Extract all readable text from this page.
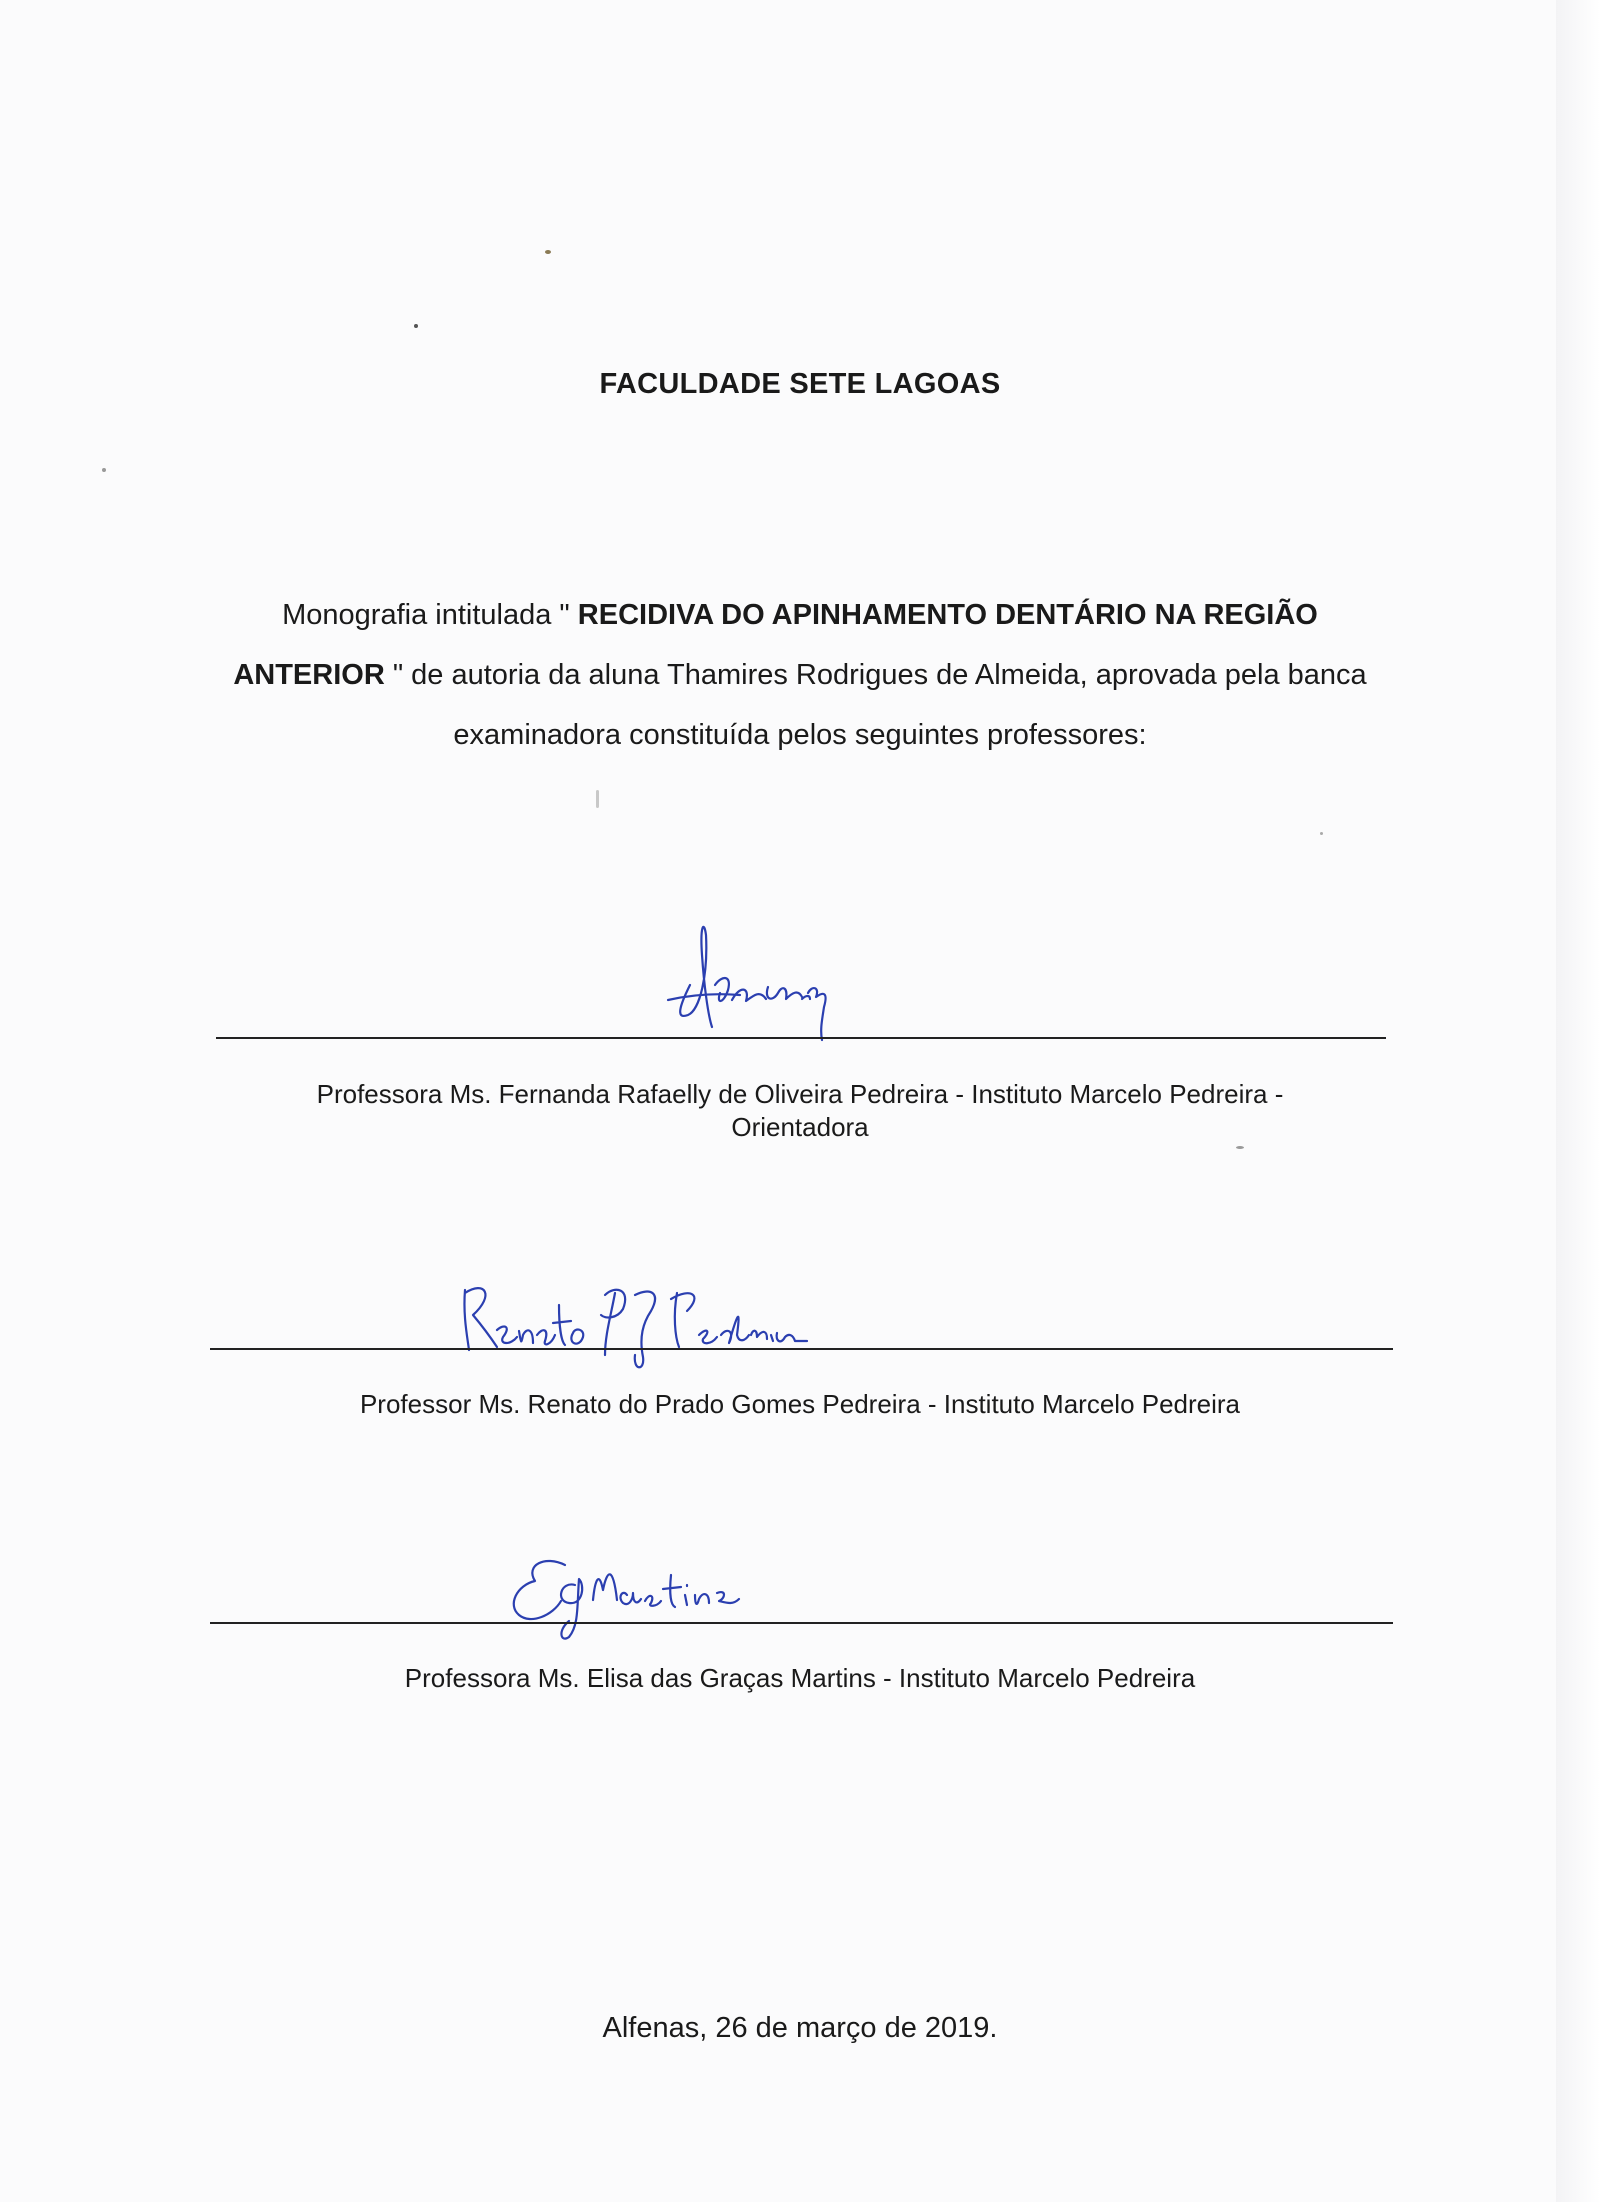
FACULDADE SETE LAGOAS
Monografia intitulada " RECIDIVA DO APINHAMENTO DENTÁRIO NA REGIÃO ANTERIOR " de autoria da aluna Thamires Rodrigues de Almeida, aprovada pela banca examinadora constituída pelos seguintes professores:
Professora Ms. Fernanda Rafaelly de Oliveira Pedreira - Instituto Marcelo Pedreira -
Orientadora
Professor Ms. Renato do Prado Gomes Pedreira - Instituto Marcelo Pedreira
Professora Ms. Elisa das Graças Martins - Instituto Marcelo Pedreira
Alfenas, 26 de março de 2019.
